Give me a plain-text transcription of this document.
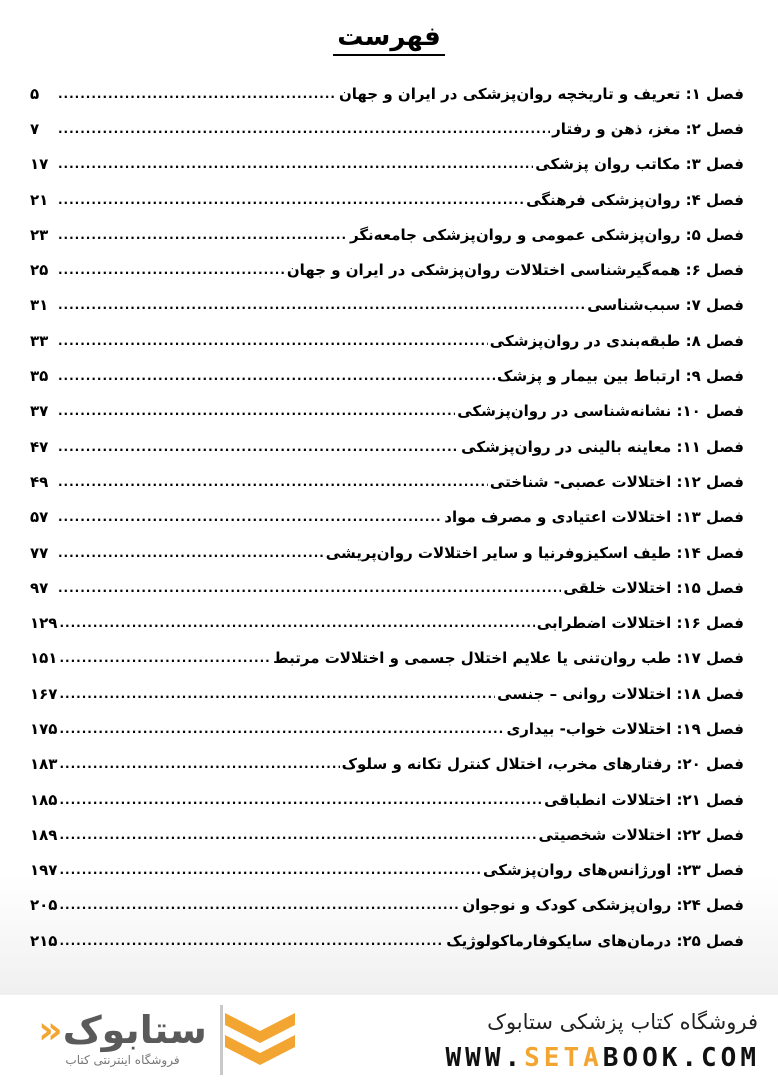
فهرست
فصل ۱: تعریف و تاریخچه روان‌پزشکی در ایران و جهان
.....
۵
فصل ۲: مغز، ذهن و رفتار
.....
۷
فصل ۳: مکاتب روان پزشکی
.....
۱۷
فصل ۴: روان‌پزشکی فرهنگی
.....
۲۱
فصل ۵: روان‌پزشکی عمومی و روان‌پزشکی جامعه‌نگر
.....
۲۳
فصل ۶: همه‌گیرشناسی اختلالات روان‌پزشکی در ایران و جهان
.....
۲۵
فصل ۷: سبب‌شناسی
.....
۳۱
فصل ۸: طبقه‌بندی در روان‌پزشکی
.....
۳۳
فصل ۹: ارتباط بین بیمار و پزشک
.....
۳۵
فصل ۱۰: نشانه‌شناسی در روان‌پزشکی
.....
۳۷
فصل ۱۱: معاینه بالینی در روان‌پزشکی
.....
۴۷
فصل ۱۲: اختلالات عصبی- شناختی
.....
۴۹
فصل ۱۳: اختلالات اعتیادی و مصرف مواد
.....
۵۷
فصل ۱۴: طیف اسکیزوفرنیا و سایر اختلالات روان‌پریشی
.....
۷۷
فصل ۱۵: اختلالات خلقی
.....
۹۷
فصل ۱۶: اختلالات اضطرابی
.....
۱۲۹
فصل ۱۷: طب روان‌تنی یا علایم اختلال جسمی و اختلالات مرتبط
.....
۱۵۱
فصل ۱۸: اختلالات روانی – جنسی
.....
۱۶۷
فصل ۱۹: اختلالات خواب- بیداری
.....
۱۷۵
فصل ۲۰: رفتارهای مخرب، اختلال کنترل تکانه و سلوک
.....
۱۸۳
فصل ۲۱: اختلالات انطباقی
.....
۱۸۵
فصل ۲۲: اختلالات شخصیتی
.....
۱۸۹
فصل ۲۳: اورژانس‌های روان‌پزشکی
.....
۱۹۷
فصل ۲۴: روان‌پزشکی کودک و نوجوان
.....
۲۰۵
فصل ۲۵: درمان‌های سایکوفارماکولوژیک
.....
۲۱۵
ستابوک«
فروشگاه اینترنتی کتاب
فروشگاه کتاب پزشکی ستابوک
WWW.SETABOOK.COM
